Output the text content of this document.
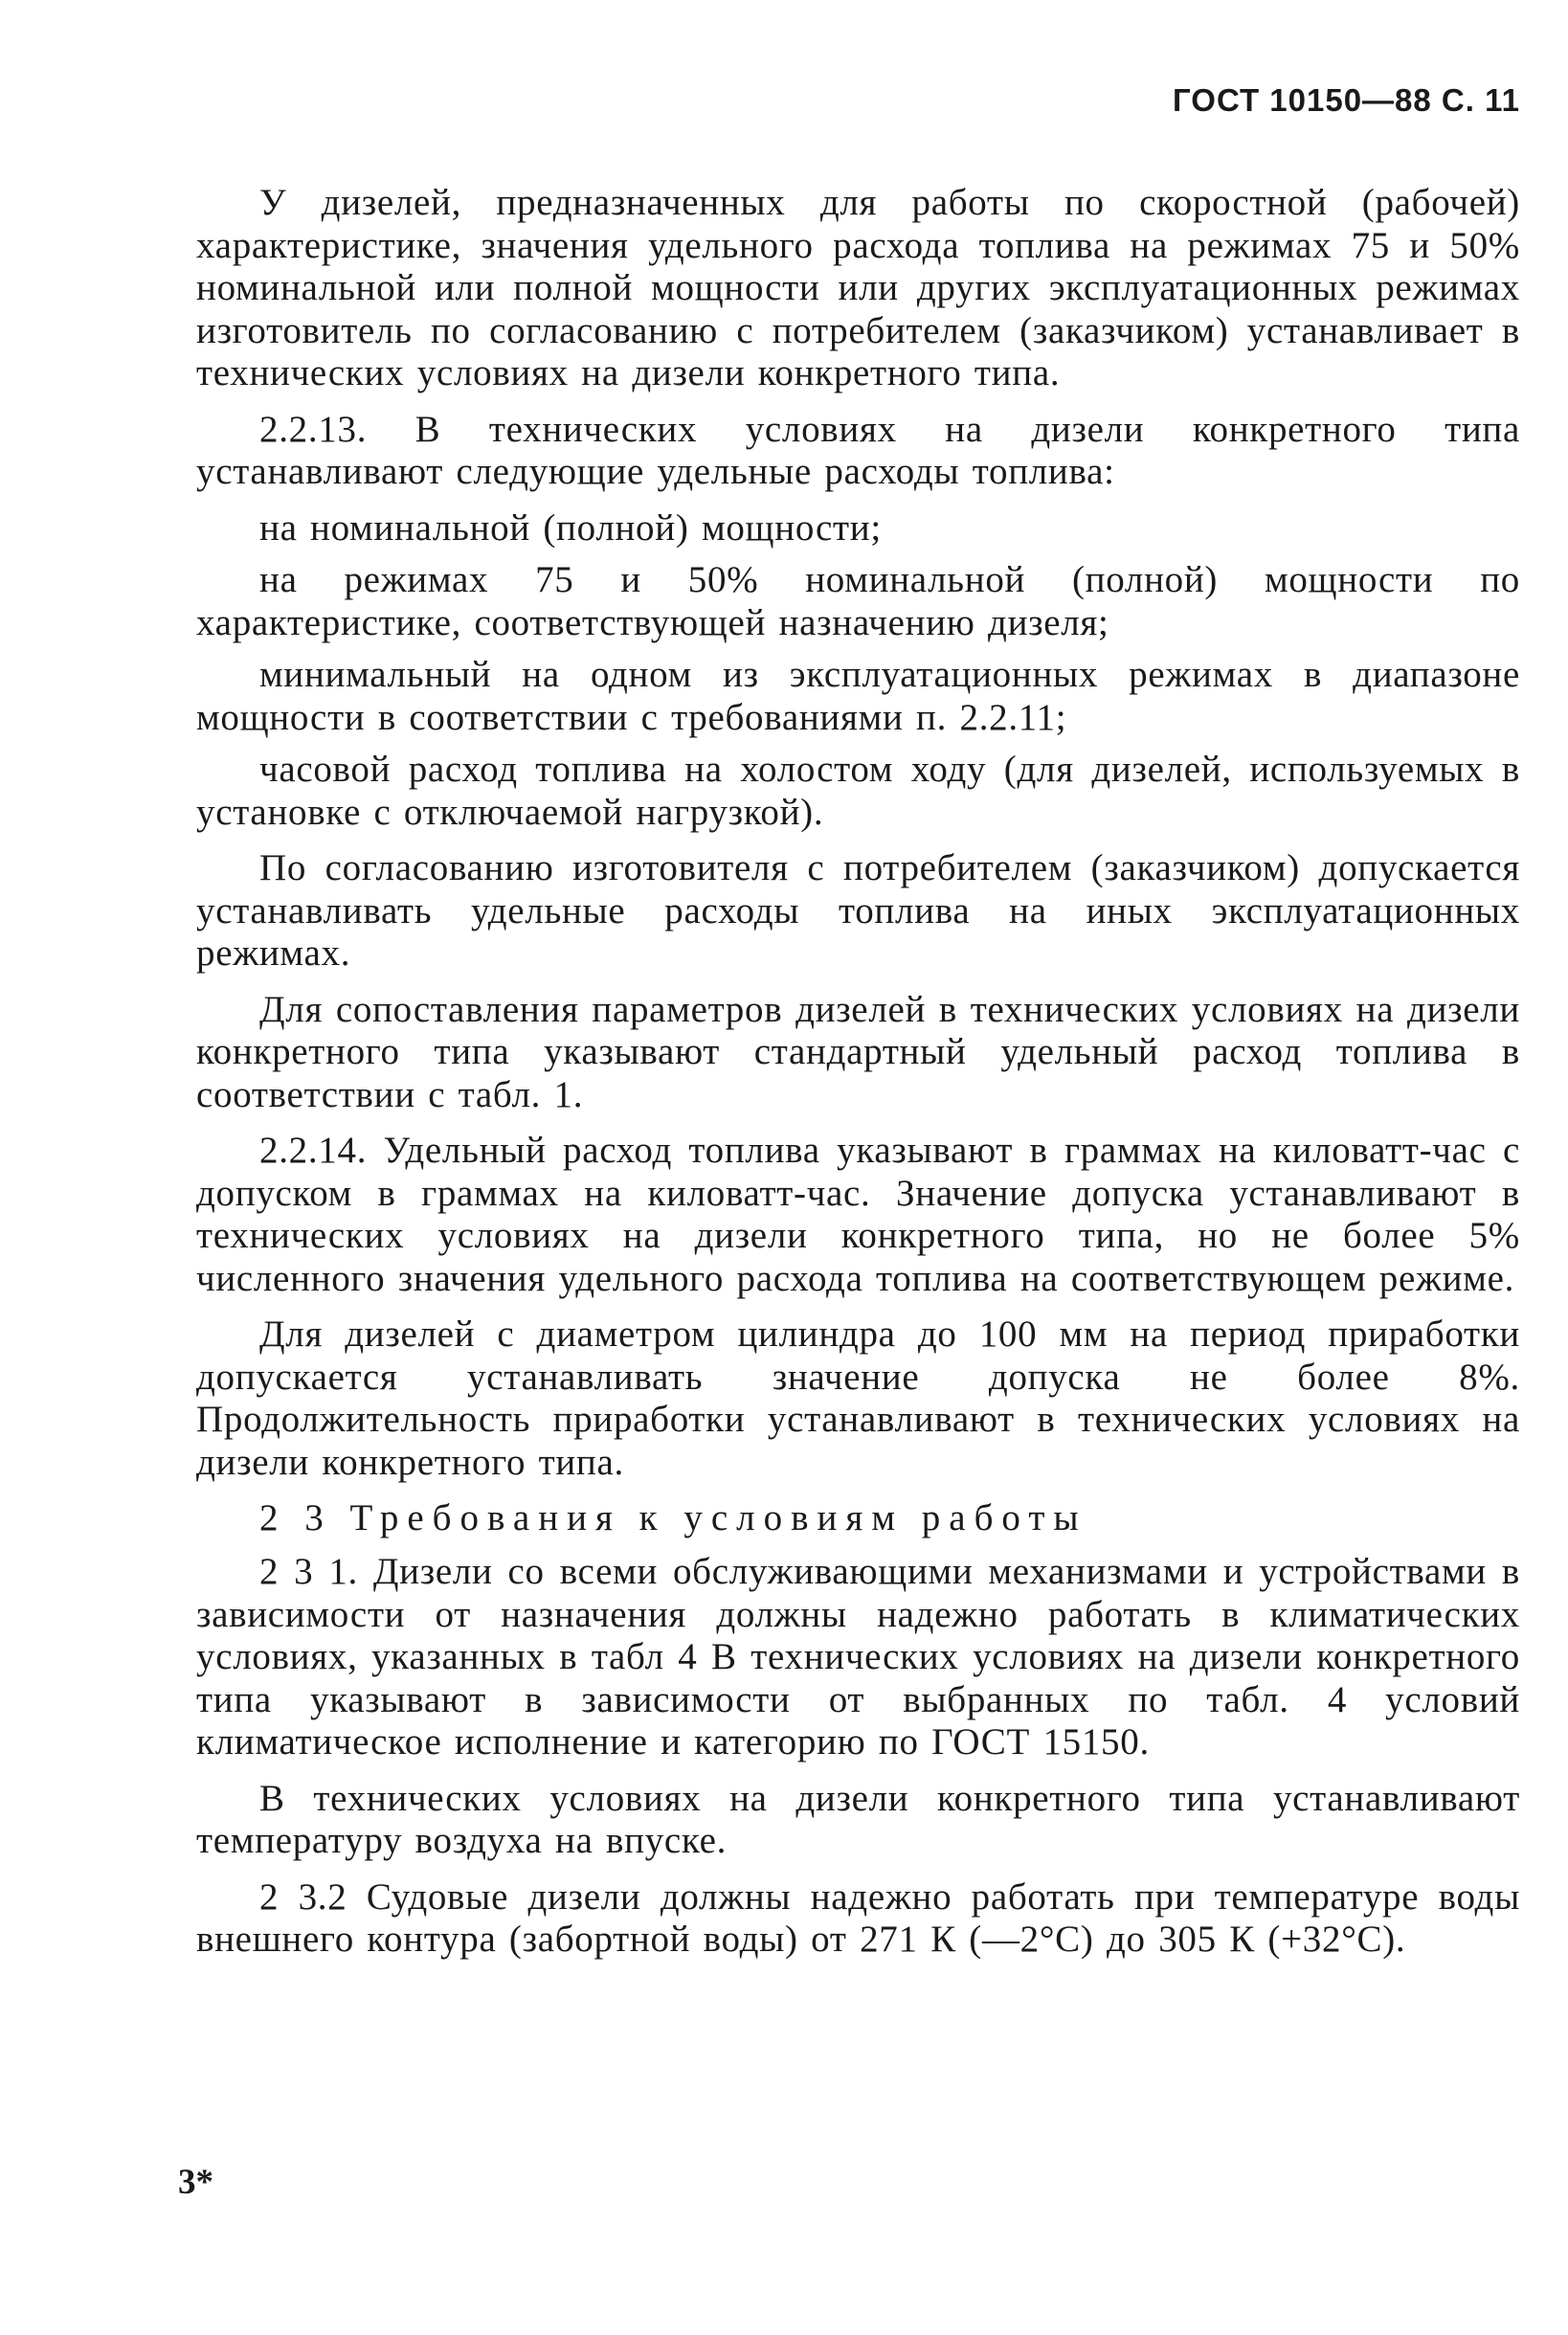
ГОСТ 10150—88 С. 11

У дизелей, предназначенных для работы по скоростной (рабочей) характеристике, значения удельного расхода топлива на режимах 75 и 50% номинальной или полной мощности или других эксплуатационных режимах изготовитель по согласованию с потребителем (заказчиком) устанавливает в технических условиях на дизели конкретного типа.

2.2.13. В технических условиях на дизели конкретного типа устанавливают следующие удельные расходы топлива:

на номинальной (полной) мощности;

на режимах 75 и 50% номинальной (полной) мощности по характеристике, соответствующей назначению дизеля;

минимальный на одном из эксплуатационных режимах в диапазоне мощности в соответствии с требованиями п. 2.2.11;

часовой расход топлива на холостом ходу (для дизелей, используемых в установке с отключаемой нагрузкой).

По согласованию изготовителя с потребителем (заказчиком) допускается устанавливать удельные расходы топлива на иных эксплуатационных режимах.

Для сопоставления параметров дизелей в технических условиях на дизели конкретного типа указывают стандартный удельный расход топлива в соответствии с табл. 1.

2.2.14. Удельный расход топлива указывают в граммах на киловатт-час с допуском в граммах на киловатт-час. Значение допуска устанавливают в технических условиях на дизели конкретного типа, но не более 5% численного значения удельного расхода топлива на соответствующем режиме.

Для дизелей с диаметром цилиндра до 100 мм на период приработки допускается устанавливать значение допуска не более 8%. Продолжительность приработки устанавливают в технических условиях на дизели конкретного типа.

2 3 Требования к условиям работы

2 3 1. Дизели со всеми обслуживающими механизмами и устройствами в зависимости от назначения должны надежно работать в климатических условиях, указанных в табл 4 В технических условиях на дизели конкретного типа указывают в зависимости от выбранных по табл. 4 условий климатическое исполнение и категорию по ГОСТ 15150.

В технических условиях на дизели конкретного типа устанавливают температуру воздуха на впуске.

2 3.2 Судовые дизели должны надежно работать при температуре воды внешнего контура (забортной воды) от 271 К (—2°С) до 305 К (+32°С).

3*
